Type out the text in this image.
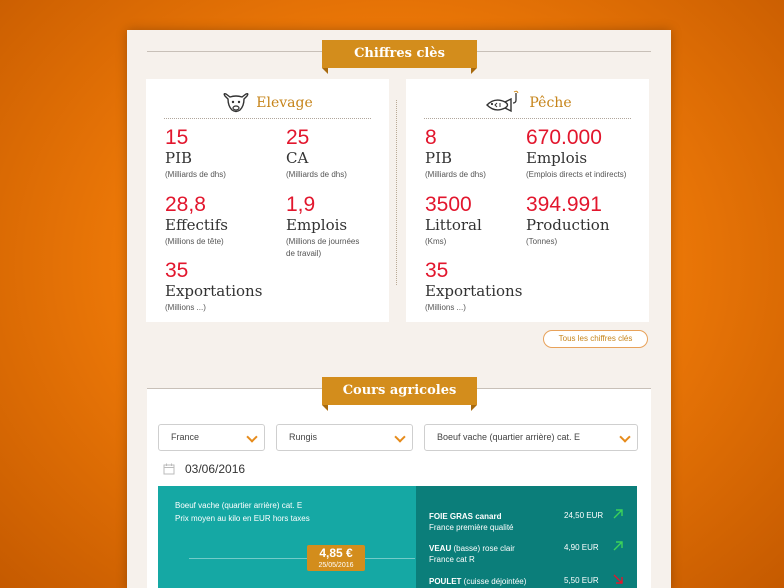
Chiffres clès
Elevage
15
PIB
(Milliards de dhs)
25
CA
(Milliards de dhs)
28,8
Effectifs
(Millions de tête)
1,9
Emplois
(Millions de journées
de travail)
35
Exportations
(Millions ...)
Pêche
8
PIB
(Milliards de dhs)
670.000
Emplois
(Emplois directs et indirects)
3500
Littoral
(Kms)
394.991
Production
(Tonnes)
35
Exportations
(Millions ...)
Tous les chiffres clés
Cours agricoles
France	Rungis	Boeuf vache (quartier arrière) cat. E
03/06/2016
Boeuf vache (quartier arrière) cat. E
Prix moyen au kilo en EUR hors taxes
4,85 €
25/05/2016
FOIE GRAS canard
France première qualité
24,50 EUR
VEAU (basse) rose clair
France cat R
4,90 EUR
POULET (cuisse déjointée)	5,50 EUR
